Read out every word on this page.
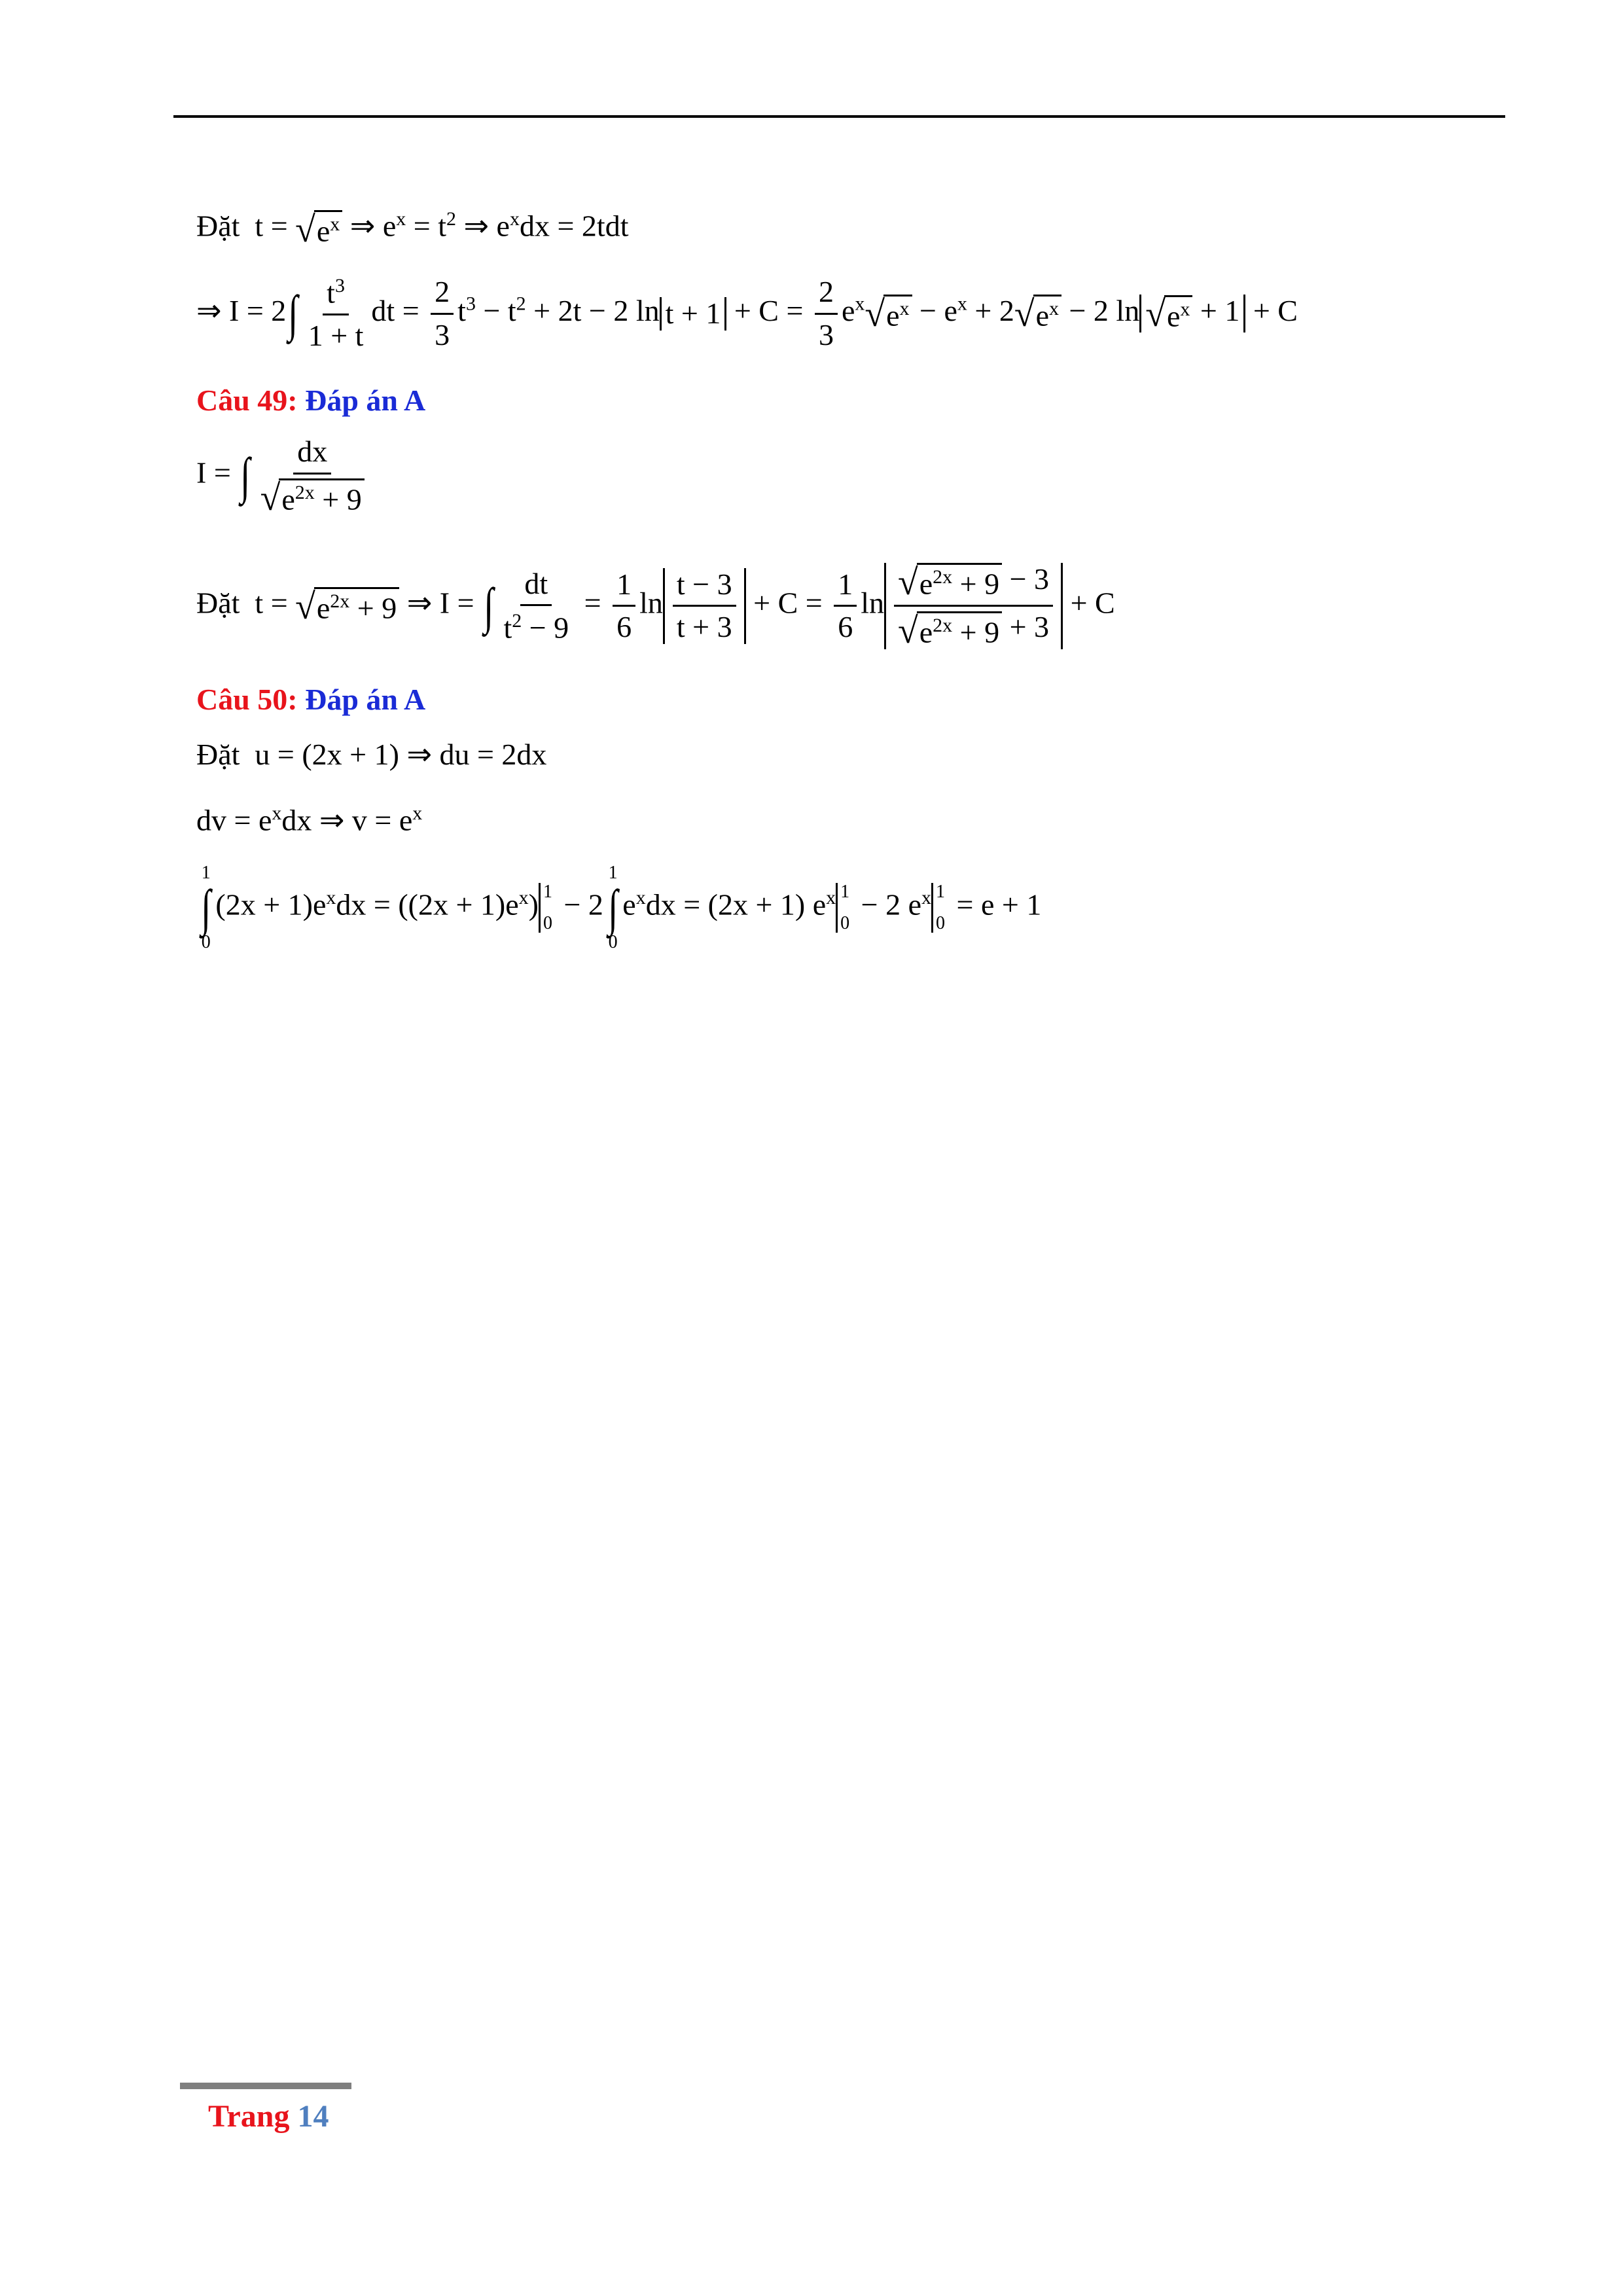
Đặt  t = √ $e^x$ ⇒ $e^x = t^2$ ⇒ $e^xdx = 2tdt$
⇒ $I = 2\int \frac{t^3}{1 + t}$ dt = $\frac{2}{3} t^3 - t^2 + 2t - 2$ $\ln t + 1 + C = \frac{2}{3} e^x$ √ $e^x - e^x + 2$ √ $e^x - 2$ ln √ $e^x + 1 + C$
Câu 49: Đáp án A
I = ∫ $\frac{dx}{√ e^{2x} + 9}$
Đặt  t = √ $e^{2x} + 9$ ⇒ I = ∫ $\frac{dt}{t^2 - 9} = \frac{1}{6}$ $\ln \frac{t - 3}{t + 3} + C = \frac{1}{6}$ $\ln \frac{√ e^{2x} + 9 - 3}{√ e^{2x} + 9 + 3} + C$
Câu 50: Đáp án A
Đặt  u = (2x + 1) ⇒ du = 2dx
dv = $e^xdx$ ⇒ $v = e^x$
1
∫
0
$(2x + 1)e^xdx = ((2x + 1)e^x)$ 1
0
− 2
1
∫
0
$e^xdx = (2x + 1)$ $e^x$ 1
0
− 2 $e^x$ 1
0
= e + 1
Trang 14
